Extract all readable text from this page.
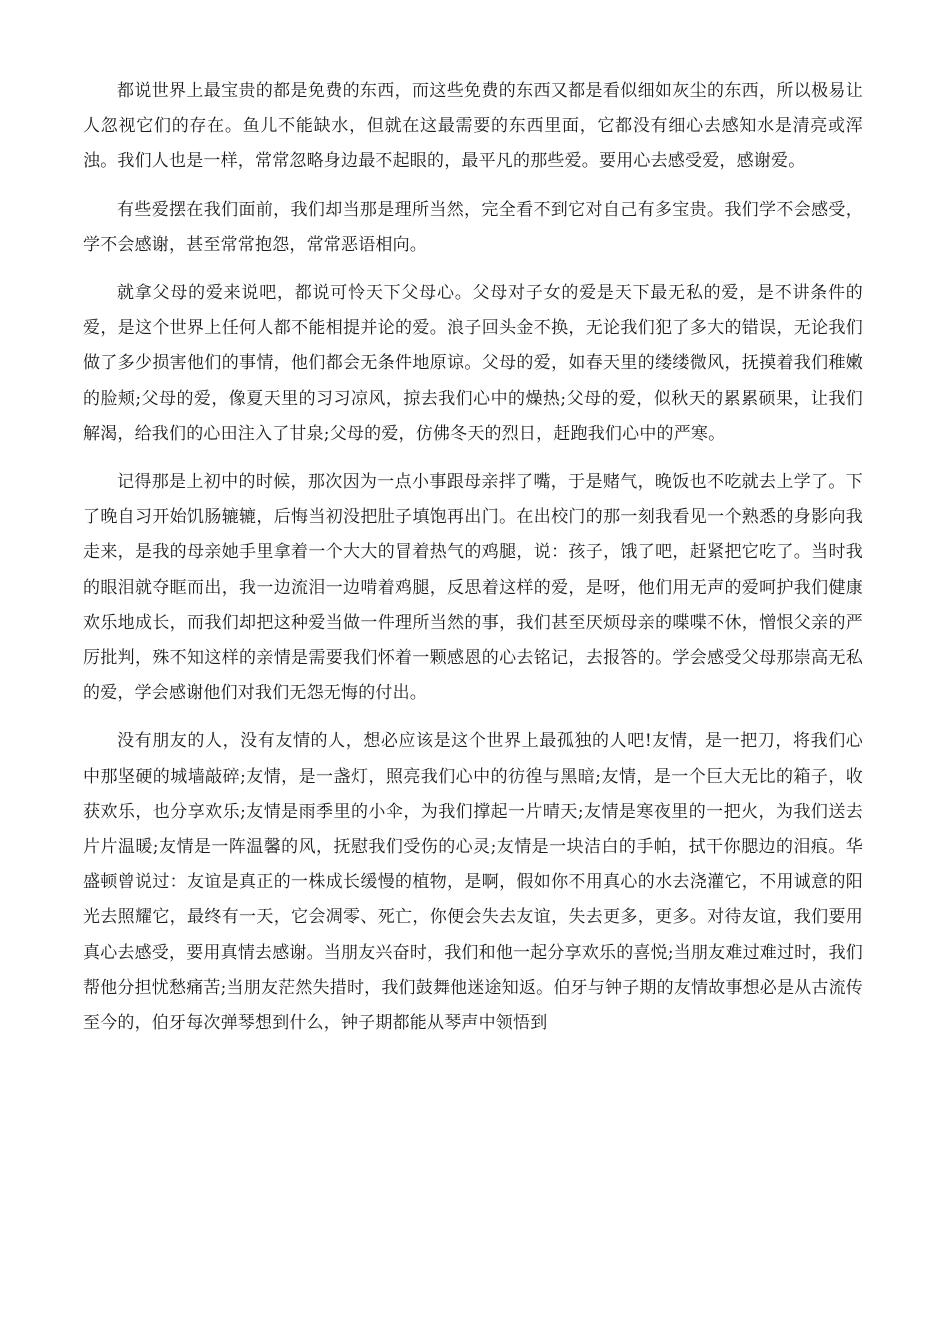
都说世界上最宝贵的都是免费的东西，而这些免费的东西又都是看似细如灰尘的东西，所以极易让人忽视它们的存在。鱼儿不能缺水，但就在这最需要的东西里面，它都没有细心去感知水是清亮或浑浊。我们人也是一样，常常忽略身边最不起眼的，最平凡的那些爱。要用心去感受爱，感谢爱。

有些爱摆在我们面前，我们却当那是理所当然，完全看不到它对自己有多宝贵。我们学不会感受，学不会感谢，甚至常常抱怨，常常恶语相向。

就拿父母的爱来说吧，都说可怜天下父母心。父母对子女的爱是天下最无私的爱，是不讲条件的爱，是这个世界上任何人都不能相提并论的爱。浪子回头金不换，无论我们犯了多大的错误，无论我们做了多少损害他们的事情，他们都会无条件地原谅。父母的爱，如春天里的缕缕微风，抚摸着我们稚嫩的脸颊;父母的爱，像夏天里的习习凉风，掠去我们心中的燥热;父母的爱，似秋天的累累硕果，让我们解渴，给我们的心田注入了甘泉;父母的爱，仿佛冬天的烈日，赶跑我们心中的严寒。

记得那是上初中的时候，那次因为一点小事跟母亲拌了嘴，于是赌气，晚饭也不吃就去上学了。下了晚自习开始饥肠辘辘，后悔当初没把肚子填饱再出门。在出校门的那一刻我看见一个熟悉的身影向我走来，是我的母亲她手里拿着一个大大的冒着热气的鸡腿，说：孩子，饿了吧，赶紧把它吃了。当时我的眼泪就夺眶而出，我一边流泪一边啃着鸡腿，反思着这样的爱，是呀，他们用无声的爱呵护我们健康欢乐地成长，而我们却把这种爱当做一件理所当然的事，我们甚至厌烦母亲的喋喋不休，憎恨父亲的严厉批判，殊不知这样的亲情是需要我们怀着一颗感恩的心去铭记，去报答的。学会感受父母那崇高无私的爱，学会感谢他们对我们无怨无悔的付出。

没有朋友的人，没有友情的人，想必应该是这个世界上最孤独的人吧!友情，是一把刀，将我们心中那坚硬的城墙敲碎;友情，是一盏灯，照亮我们心中的彷徨与黑暗;友情，是一个巨大无比的箱子，收获欢乐，也分享欢乐;友情是雨季里的小伞，为我们撑起一片晴天;友情是寒夜里的一把火，为我们送去片片温暖;友情是一阵温馨的风，抚慰我们受伤的心灵;友情是一块洁白的手帕，拭干你腮边的泪痕。华盛顿曾说过：友谊是真正的一株成长缓慢的植物，是啊，假如你不用真心的水去浇灌它，不用诚意的阳光去照耀它，最终有一天，它会凋零、死亡，你便会失去友谊，失去更多，更多。对待友谊，我们要用真心去感受，要用真情去感谢。当朋友兴奋时，我们和他一起分享欢乐的喜悦;当朋友难过难过时，我们帮他分担忧愁痛苦;当朋友茫然失措时，我们鼓舞他迷途知返。伯牙与钟子期的友情故事想必是从古流传至今的，伯牙每次弹琴想到什么，钟子期都能从琴声中领悟到
